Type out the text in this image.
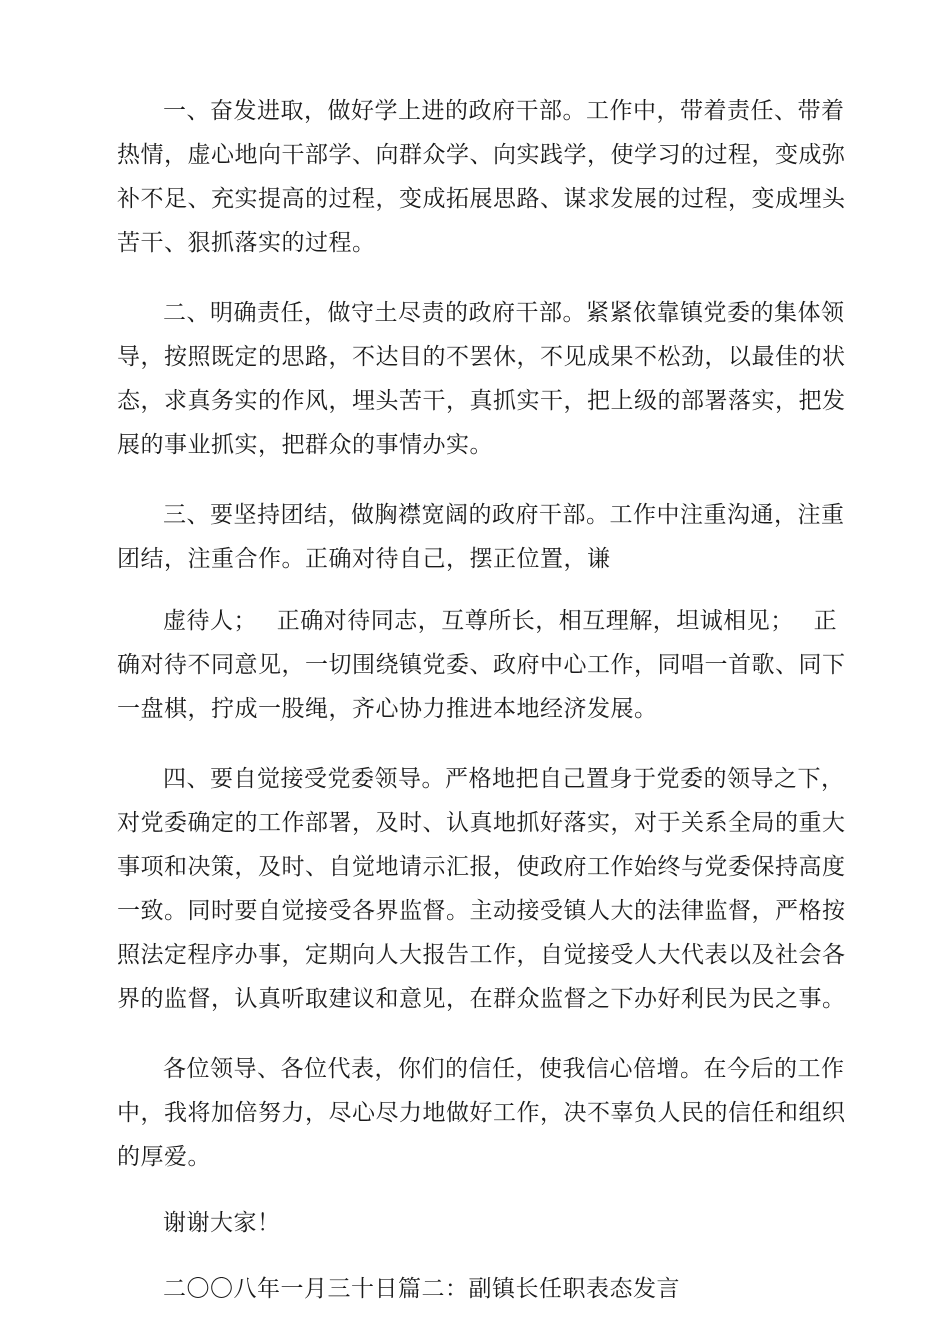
一、奋发进取，做好学上进的政府干部。工作中，带着责任、带着热情，虚心地向干部学、向群众学、向实践学，使学习的过程，变成弥补不足、充实提高的过程，变成拓展思路、谋求发展的过程，变成埋头苦干、狠抓落实的过程。

二、明确责任，做守土尽责的政府干部。紧紧依靠镇党委的集体领导，按照既定的思路，不达目的不罢休，不见成果不松劲，以最佳的状态，求真务实的作风，埋头苦干，真抓实干，把上级的部署落实，把发展的事业抓实，把群众的事情办实。

三、要坚持团结，做胸襟宽阔的政府干部。工作中注重沟通，注重团结，注重合作。正确对待自己，摆正位置，谦

虚待人；　 正确对待同志，互尊所长，相互理解，坦诚相见；　 正确对待不同意见，一切围绕镇党委、政府中心工作，同唱一首歌、同下一盘棋，拧成一股绳，齐心协力推进本地经济发展。

四、要自觉接受党委领导。严格地把自己置身于党委的领导之下，对党委确定的工作部署，及时、认真地抓好落实，对于关系全局的重大事项和决策，及时、自觉地请示汇报，使政府工作始终与党委保持高度一致。同时要自觉接受各界监督。主动接受镇人大的法律监督，严格按照法定程序办事，定期向人大报告工作，自觉接受人大代表以及社会各界的监督，认真听取建议和意见，在群众监督之下办好利民为民之事。

各位领导、各位代表，你们的信任，使我信心倍增。在今后的工作中，我将加倍努力，尽心尽力地做好工作，决不辜负人民的信任和组织的厚爱。

谢谢大家！

二〇〇八年一月三十日篇二：副镇长任职表态发言
